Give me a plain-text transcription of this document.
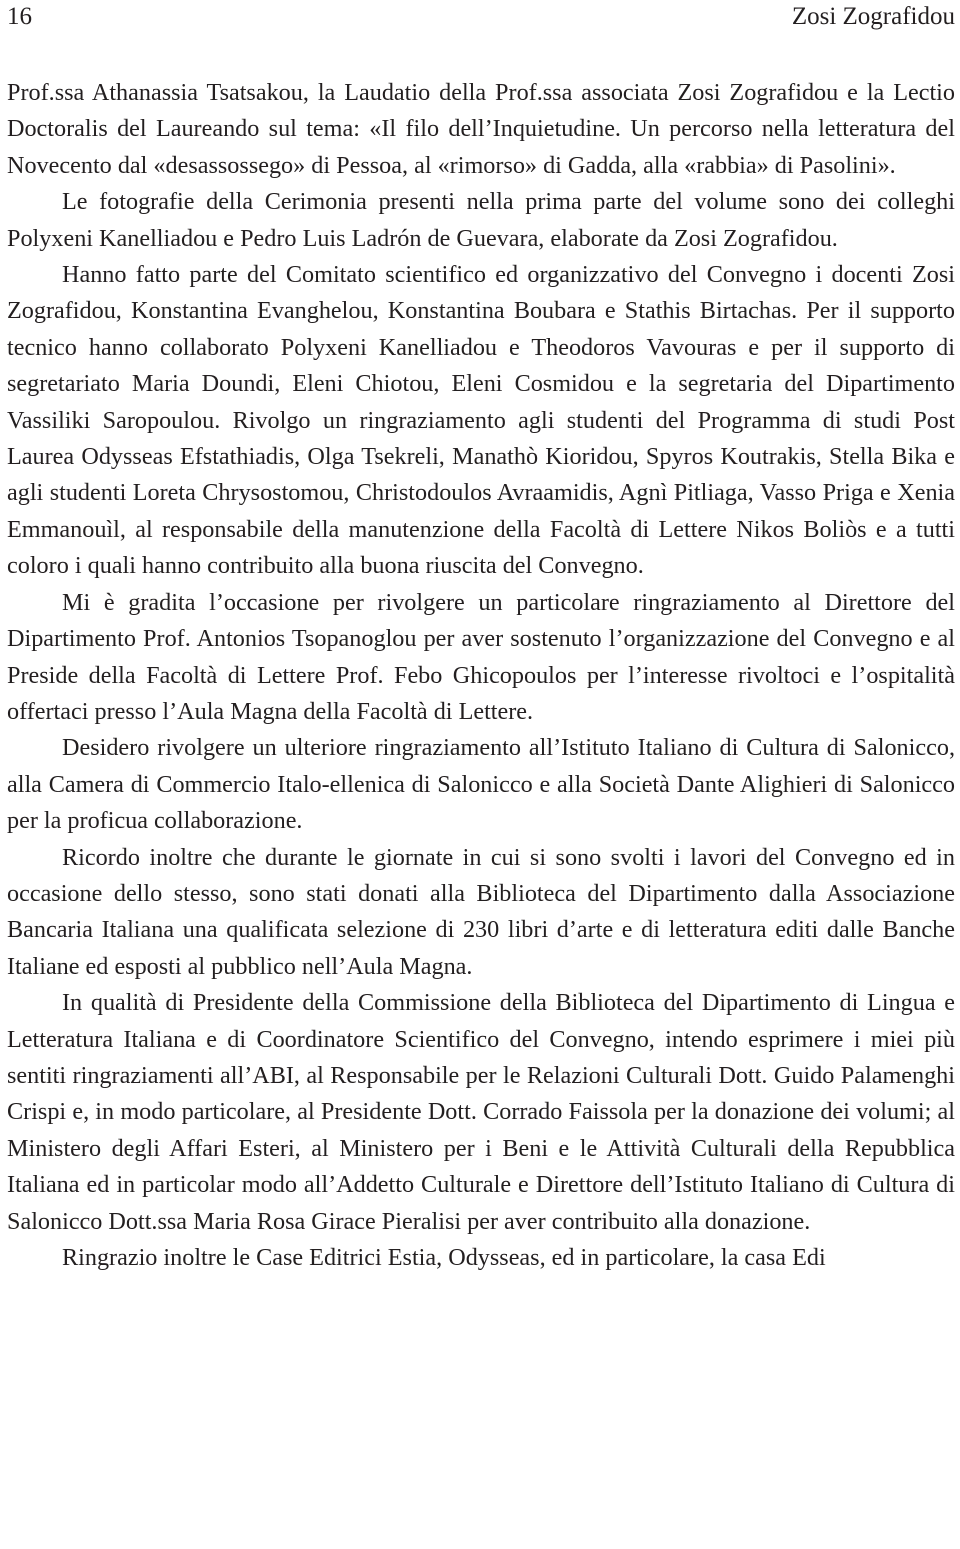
16	Zosi Zografidou

Prof.ssa Athanassia Tsatsakou, la Laudatio della Prof.ssa associata Zosi Zografidou e la Lectio Doctoralis del Laureando sul tema: «Il filo dell’Inquietudine. Un percorso nella letteratura del Novecento dal «desassossego» di Pessoa, al «rimorso» di Gadda, alla «rabbia» di Pasolini».

Le fotografie della Cerimonia presenti nella prima parte del volume sono dei colleghi Polyxeni Kanelliadou e Pedro Luis Ladrón de Guevara, elaborate da Zosi Zografidou.

Hanno fatto parte del Comitato scientifico ed organizzativo del Convegno i docenti Zosi Zografidou, Konstantina Evanghelou, Konstantina Boubara e Stathis Birtachas. Per il supporto tecnico hanno collaborato Polyxeni Kanelliadou e Theodoros Vavouras e per il supporto di segretariato Maria Doundi, Eleni Chiotou, Eleni Cosmidou e la segretaria del Dipartimento Vassiliki Saropoulou. Rivolgo un ringraziamento agli studenti del Programma di studi Post Laurea Odysseas Efstathiadis, Olga Tsekreli, Manathò Kioridou, Spyros Koutrakis, Stella Bika e agli studenti Loreta Chrysostomou, Christodoulos Avraamidis, Agnì Pitliaga, Vasso Priga e Xenia Emmanouìl, al responsabile della manutenzione della Facoltà di Lettere Nikos Boliòs e a tutti coloro i quali hanno contribuito alla buona riuscita del Convegno.

Mi è gradita l’occasione per rivolgere un particolare ringraziamento al Direttore del Dipartimento Prof. Antonios Tsopanoglou per aver sostenuto l’organizzazione del Convegno e al Preside della Facoltà di Lettere Prof. Febo Ghicopoulos per l’interesse rivoltoci e l’ospitalità offertaci presso l’Aula Magna della Facoltà di Lettere.

Desidero rivolgere un ulteriore ringraziamento all’Istituto Italiano di Cultura di Salonicco, alla Camera di Commercio Italo-ellenica di Salonicco e alla Società Dante Alighieri di Salonicco per la proficua collaborazione.

Ricordo inoltre che durante le giornate in cui si sono svolti i lavori del Convegno ed in occasione dello stesso, sono stati donati alla Biblioteca del Dipartimento dalla Associazione Bancaria Italiana una qualificata selezione di 230 libri d’arte e di letteratura editi dalle Banche Italiane ed esposti al pubblico nell’Aula Magna.

In qualità di Presidente della Commissione della Biblioteca del Dipartimento di Lingua e Letteratura Italiana e di Coordinatore Scientifico del Convegno, intendo esprimere i miei più sentiti ringraziamenti all’ABI, al Responsabile per le Relazioni Culturali Dott. Guido Palamenghi Crispi e, in modo particolare, al Presidente Dott. Corrado Faissola per la donazione dei volumi; al Ministero degli Affari Esteri, al Ministero per i Beni e le Attività Culturali della Repubblica Italiana ed in particolar modo all’Addetto Culturale e Direttore dell’Istituto Italiano di Cultura di Salonicco Dott.ssa Maria Rosa Girace Pieralisi per aver contribuito alla donazione.

Ringrazio inoltre le Case Editrici Estia, Odysseas, ed in particolare, la casa Edi
